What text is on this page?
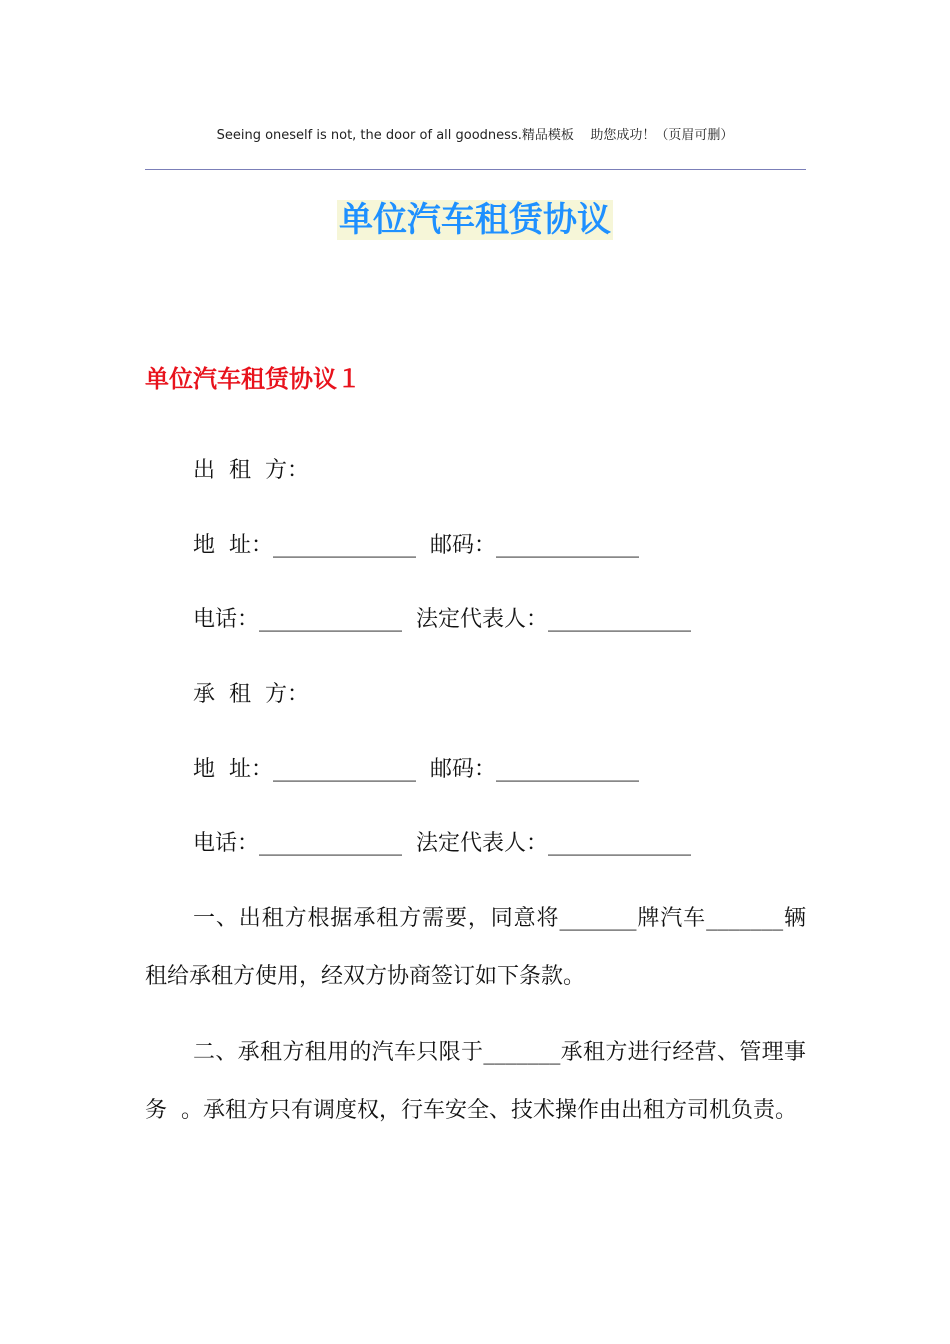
Seeing oneself is not, the door of all goodness.精品模板    助您成功！（页眉可删）
单位汽车租赁协议
单位汽车租赁协议１
出  租  方：
地  址：_____________  邮码：_____________
电话：_____________  法定代表人：_____________
承  租  方：
地  址：_____________  邮码：_____________
电话：_____________  法定代表人：_____________
一、出租方根据承租方需要，同意将_______牌汽车_______辆租给承租方使用，经双方协商签订如下条款。
二、承租方租用的汽车只限于_______承租方进行经营、管理事务  。承租方只有调度权，行车安全、技术操作由出租方司机负责。
